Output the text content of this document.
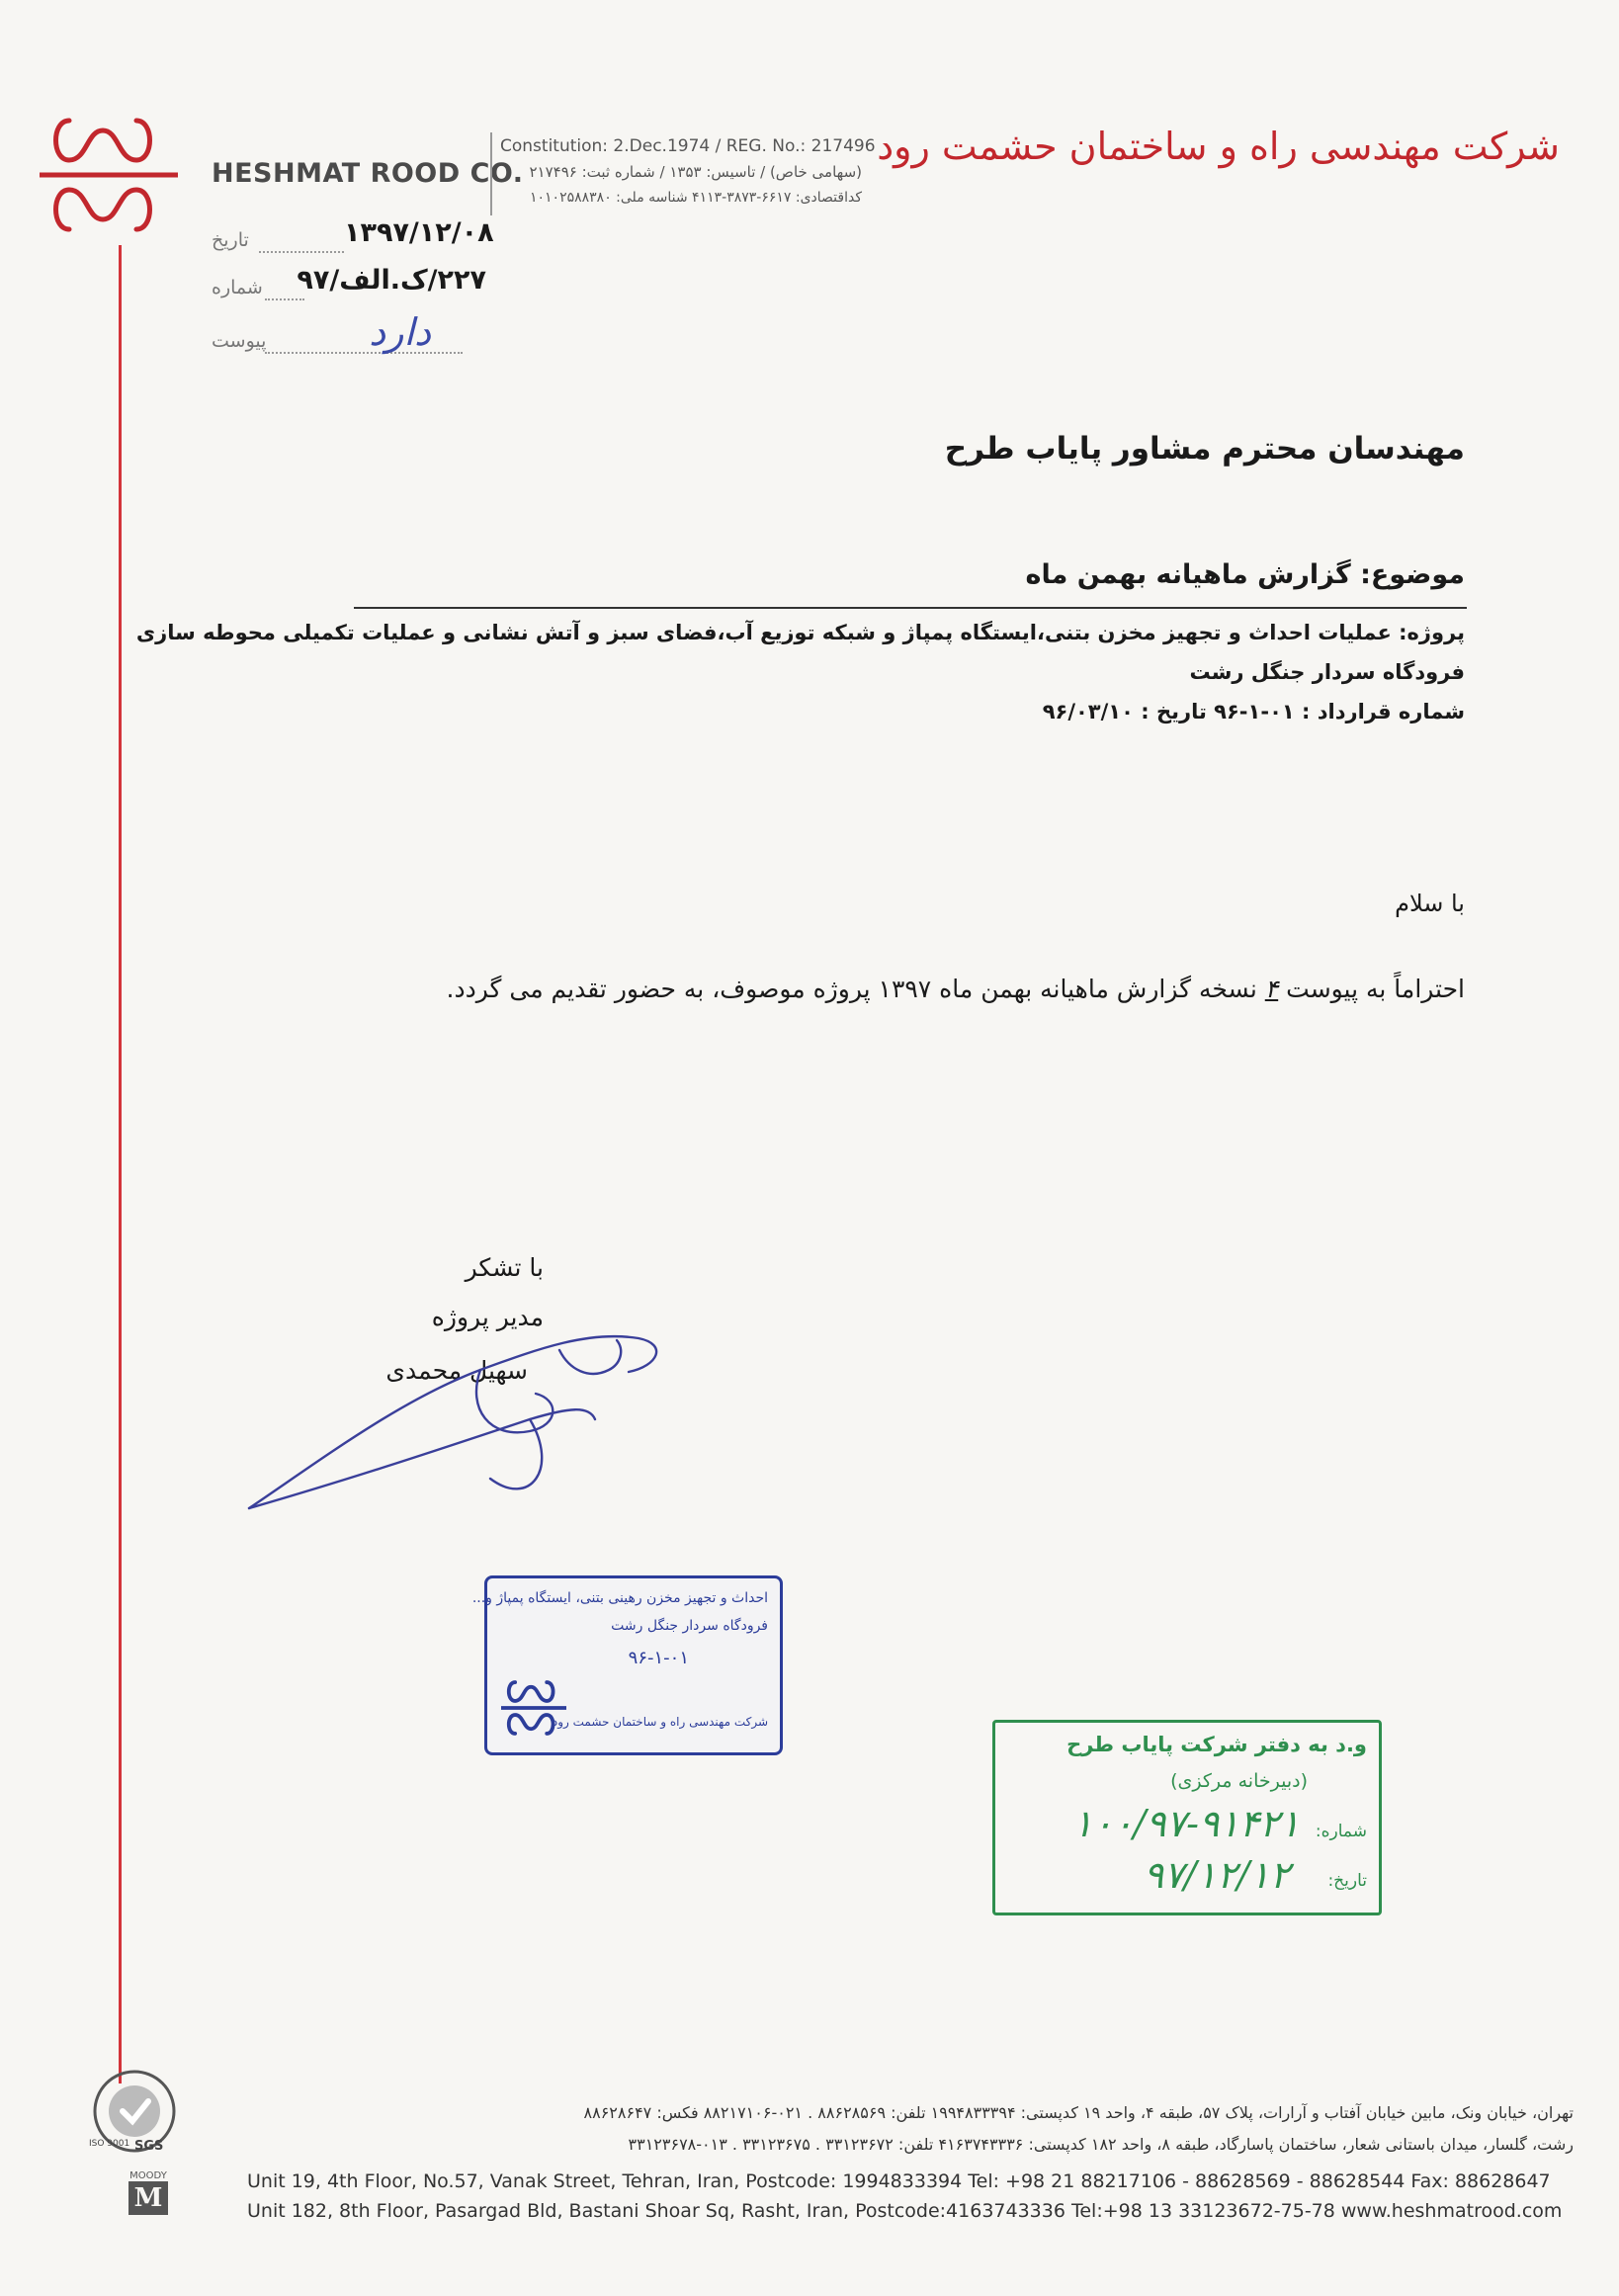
HESHMAT ROOD CO.
Constitution: 2.Dec.1974 / REG. No.: 217496
(سهامی خاص) / تاسیس: ۱۳۵۳ / شماره ثبت: ۲۱۷۴۹۶
کداقتصادی: ۶۶۱۷-۳۸۷۳-۴۱۱۳ شناسه ملی: ۱۰۱۰۲۵۸۸۳۸۰
شرکت مهندسی راه و ساختمان حشمت رود
تاریخ	۱۳۹۷/۱۲/۰۸
شماره ۲۲۷/ک.الف/۹۷
پیوست	دارد
مهندسان محترم مشاور پایاب طرح
موضوع: گزارش ماهیانه بهمن ماه
پروژه: عملیات احداث و تجهیز مخزن بتنی،ایستگاه پمپاژ و شبکه توزیع آب،فضای سبز و آتش نشانی و عملیات تکمیلی محوطه سازی
فرودگاه سردار جنگل رشت
شماره قرارداد : ۰۱-۱-۹۶ تاریخ : ۹۶/۰۳/۱۰
با سلام
احتراماً به پیوست ۴ نسخه گزارش ماهیانه بهمن ماه ۱۳۹۷ پروژه موصوف، به حضور تقدیم می گردد.
با تشکر
مدیر پروژه
سهیل محمدی
احداث و تجهیز مخزن رهینی بتنی، ایستگاه پمپاژ و...
فرودگاه سردار جنگل رشت
۹۶-۱-۰۱
شرکت مهندسی راه و ساختمان حشمت رود
و.د به دفتر شرکت پایاب طرح
(دبیرخانه مرکزی)
شماره:
۱۰۰/۹۷-۹۱۴۲۱
تاریخ:
۹۷/۱۲/۱۲
SGS
ISO 9001
MOODY
M
تهران، خیابان ونک، مابین خیابان آفتاب و آرارات، پلاک ۵۷، طبقه ۴، واحد ۱۹ کدپستی: ۱۹۹۴۸۳۳۳۹۴ تلفن: ۸۸۶۲۸۵۶۹ . ۰۲۱-۸۸۲۱۷۱۰۶ فکس: ۸۸۶۲۸۶۴۷
رشت، گلسار، میدان باستانی شعار، ساختمان پاسارگاد، طبقه ۸، واحد ۱۸۲ کدپستی: ۴۱۶۳۷۴۳۳۳۶ تلفن: ۳۳۱۲۳۶۷۲ . ۳۳۱۲۳۶۷۵ . ۰۱۳-۳۳۱۲۳۶۷۸
Unit 19, 4th Floor, No.57, Vanak Street, Tehran, Iran, Postcode: 1994833394 Tel: +98 21 88217106 - 88628569 - 88628544 Fax: 88628647
Unit 182, 8th Floor, Pasargad Bld, Bastani Shoar Sq, Rasht, Iran, Postcode:4163743336 Tel:+98 13 33123672-75-78 www.heshmatrood.com
